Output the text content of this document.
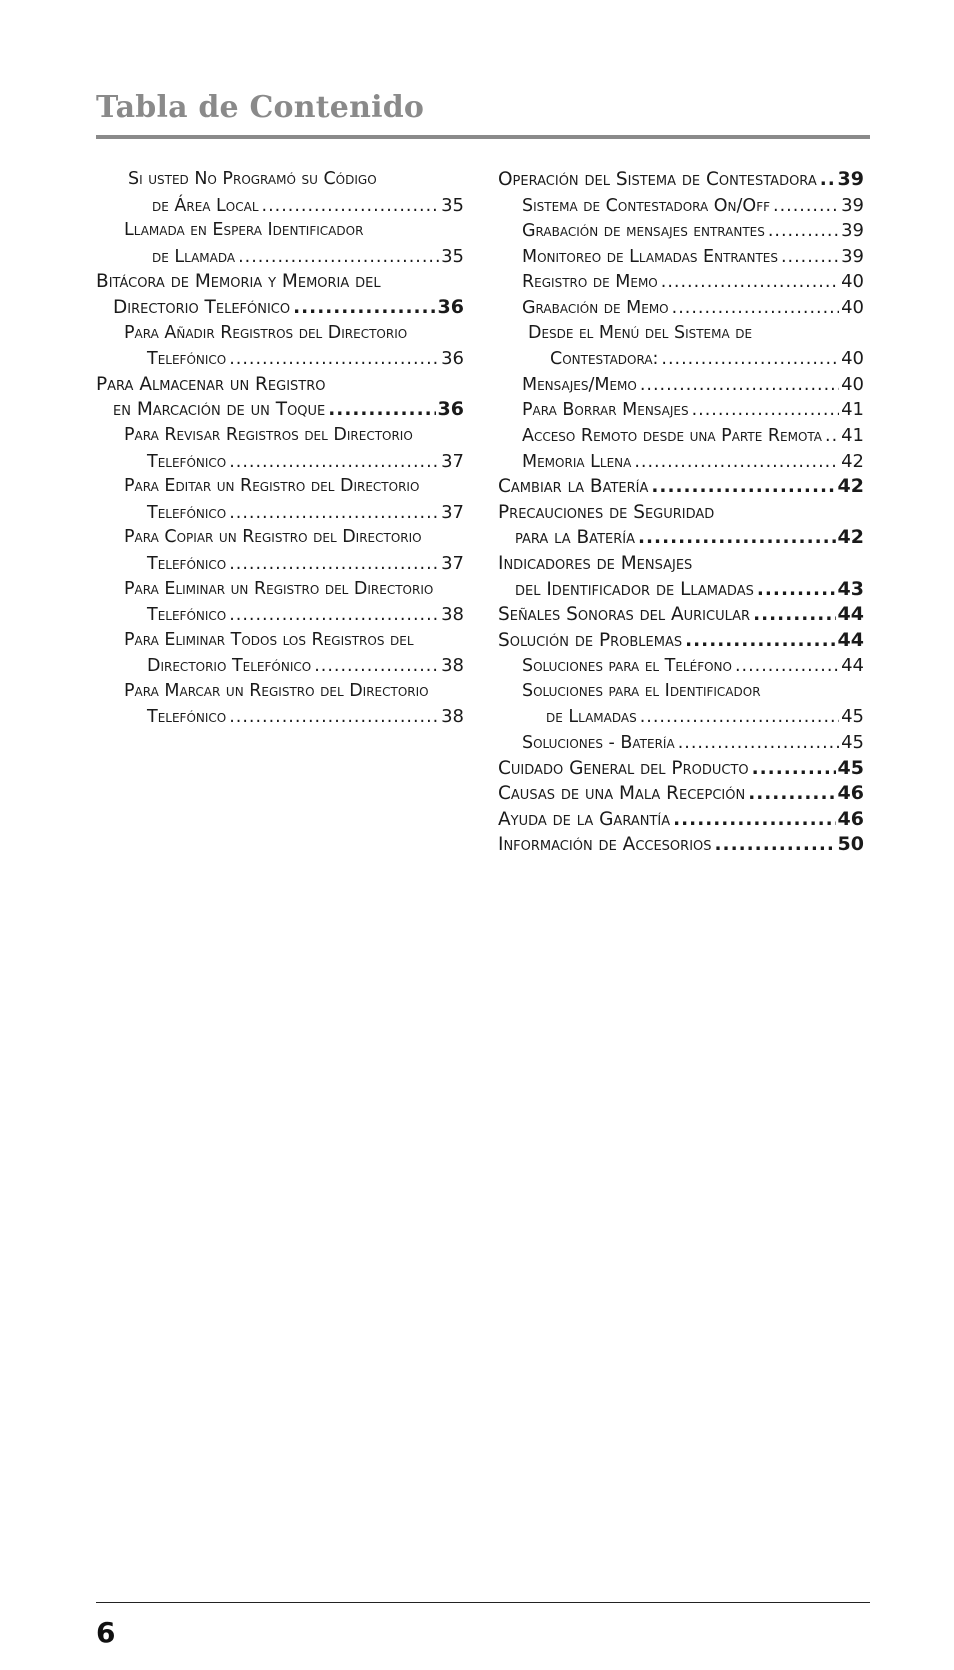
Tabla de Contenido
Si usted No Programó su Código
de Área Local .....	35
Llamada en Espera Identificador
de Llamada .....	35
Bitácora de Memoria y Memoria del
Directorio Telefónico .....	36
Para Añadir Registros del Directorio
Telefónico .....	36
Para Almacenar un Registro
en Marcación de un Toque .....	36
Para Revisar Registros del Directorio
Telefónico .....	37
Para Editar un Registro del Directorio
Telefónico .....	37
Para Copiar un Registro del Directorio
Telefónico .....	37
Para Eliminar un Registro del Directorio
Telefónico .....	38
Para Eliminar Todos los Registros del
Directorio Telefónico .....	38
Para Marcar un Registro del Directorio
Telefónico .....	38
Operación del Sistema de Contestadora ..... 39
Sistema de Contestadora On/Off .....	39
Grabación de mensajes entrantes .....	39
Monitoreo de Llamadas Entrantes .....	39
Registro de Memo .....	40
Grabación de Memo .....	40
Desde el Menú del Sistema de
Contestadora: .....	40
Mensajes/Memo .....	40
Para Borrar Mensajes .....	41
Acceso Remoto desde una Parte Remota ..... 41
Memoria Llena .....	42
Cambiar la Batería .....	42
Precauciones de Seguridad
para la Batería .....	42
Indicadores de Mensajes
del Identificador de Llamadas .....	43
Señales Sonoras del Auricular .....	44
Solución de Problemas .....	44
Soluciones para el Teléfono .....	44
Soluciones para el Identificador
de Llamadas .....	45
Soluciones - Batería .....	45
Cuidado General del Producto .....	45
Causas de una Mala Recepción .....	46
Ayuda de la Garantía .....	46
Información de Accesorios .....	50
6
